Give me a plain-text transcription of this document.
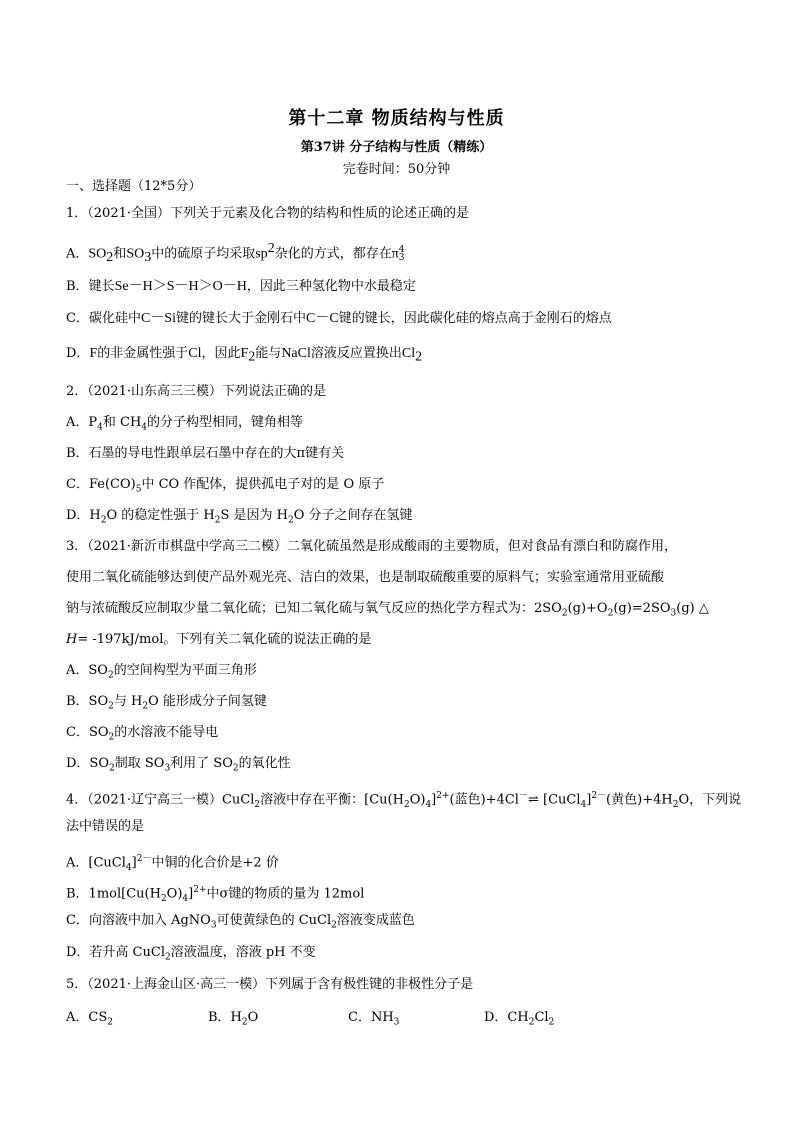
第十二章 物质结构与性质
第37讲 分子结构与性质（精练）
完卷时间：50分钟
一、选择题（12*5分）
1．（2021·全国）下列关于元素及化合物的结构和性质的论述正确的是
A．$SO_2$和$SO_3$中的硫原子均采取$sp^2$杂化的方式，都存在π 4
3
B．键长Se－H＞S－H＞O－H，因此三种氢化物中水最稳定
C．碳化硅中C－Si键的键长大于金刚石中C－C键的键长，因此碳化硅的熔点高于金刚石的熔点
D．F的非金属性强于Cl，因此$F_2$能与NaCl溶液反应置换出$Cl_2$
2．（2021·山东高三三模）下列说法正确的是
A．$P_4$和 $CH_4$的分子构型相同，键角相等
B．石墨的导电性跟单层石墨中存在的大π键有关
C．$Fe(CO)_5$中 CO 作配体，提供孤电子对的是 O 原子
D．$H_2O$ 的稳定性强于 $H_2S$ 是因为 $H_2O$ 分子之间存在氢键
3．（2021·新沂市棋盘中学高三二模）二氧化硫虽然是形成酸雨的主要物质，但对食品有漂白和防腐作用，
使用二氧化硫能够达到使产品外观光亮、洁白的效果，也是制取硫酸重要的原料气；实验室通常用亚硫酸
钠与浓硫酸反应制取少量二氧化硫；已知二氧化硫与氧气反应的热化学方程式为：$2SO_2(g)+O_2(g)=2SO_3(g)$ △
H= -197kJ/mol。下列有关二氧化硫的说法正确的是
A．$SO_2$的空间构型为平面三角形
B．$SO_2$与 $H_2O$ 能形成分子间氢键
C．$SO_2$的水溶液不能导电
D．$SO_2$制取 $SO_3$利用了 $SO_2$的氧化性
4．（2021·辽宁高三一模）CuCl$_2$溶液中存在平衡：$[Cu(H_2O)_4]^{2+}$(蓝色)+4Cl－⇌ [CuCl$_4$]$^{2-}$(黄色)$+4H_2O$，下列说
法中错误的是
A．[CuCl$_4$]$^{2-}$中铜的化合价是+2 价
B．$1mol[Cu(H_2O)_4]^{2+}$中σ键的物质的量为 12mol
C．向溶液中加入 AgNO$_3$可使黄绿色的 CuCl$_2$溶液变成蓝色
D．若升高 CuCl$_2$溶液温度，溶液 pH 不变
5．（2021·上海金山区·高三一模）下列属于含有极性键的非极性分子是
A．$CS_2$	B．$H_2O$	C．$NH_3$	D．$CH_2Cl_2$
